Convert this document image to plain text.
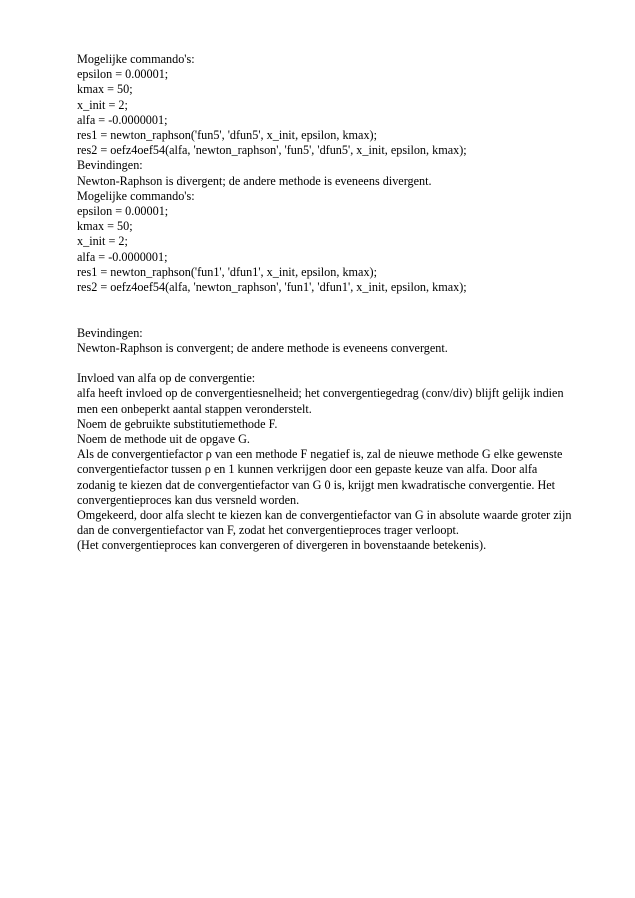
Mogelijke commando's:
epsilon = 0.00001;
kmax = 50;
x_init = 2;
alfa = -0.0000001;
res1 = newton_raphson('fun5', 'dfun5', x_init, epsilon, kmax);
res2 = oefz4oef54(alfa, 'newton_raphson', 'fun5', 'dfun5', x_init, epsilon, kmax);
Bevindingen:
Newton-Raphson is divergent; de andere methode is eveneens divergent.
Mogelijke commando's:
epsilon = 0.00001;
kmax = 50;
x_init = 2;
alfa = -0.0000001;
res1 = newton_raphson('fun1', 'dfun1', x_init, epsilon, kmax);
res2 = oefz4oef54(alfa, 'newton_raphson', 'fun1', 'dfun1', x_init, epsilon, kmax);
Bevindingen:
Newton-Raphson is convergent; de andere methode is eveneens convergent.
Invloed van alfa op de convergentie:
alfa heeft invloed op de convergentiesnelheid; het convergentiegedrag (conv/div) blijft gelijk indien men een onbeperkt aantal stappen veronderstelt.
Noem de gebruikte substitutiemethode F.
Noem de methode uit de opgave G.
Als de convergentiefactor ρ van een methode F negatief is, zal de nieuwe methode G elke gewenste convergentiefactor tussen ρ en 1 kunnen verkrijgen door een gepaste keuze van alfa. Door alfa zodanig te kiezen dat de convergentiefactor van G 0 is, krijgt men kwadratische convergentie. Het convergentieproces kan dus versneld worden.
Omgekeerd, door alfa slecht te kiezen kan de convergentiefactor van G in absolute waarde groter zijn dan de convergentiefactor van F, zodat het convergentieproces trager verloopt.
(Het convergentieproces kan convergeren of divergeren in bovenstaande betekenis).
